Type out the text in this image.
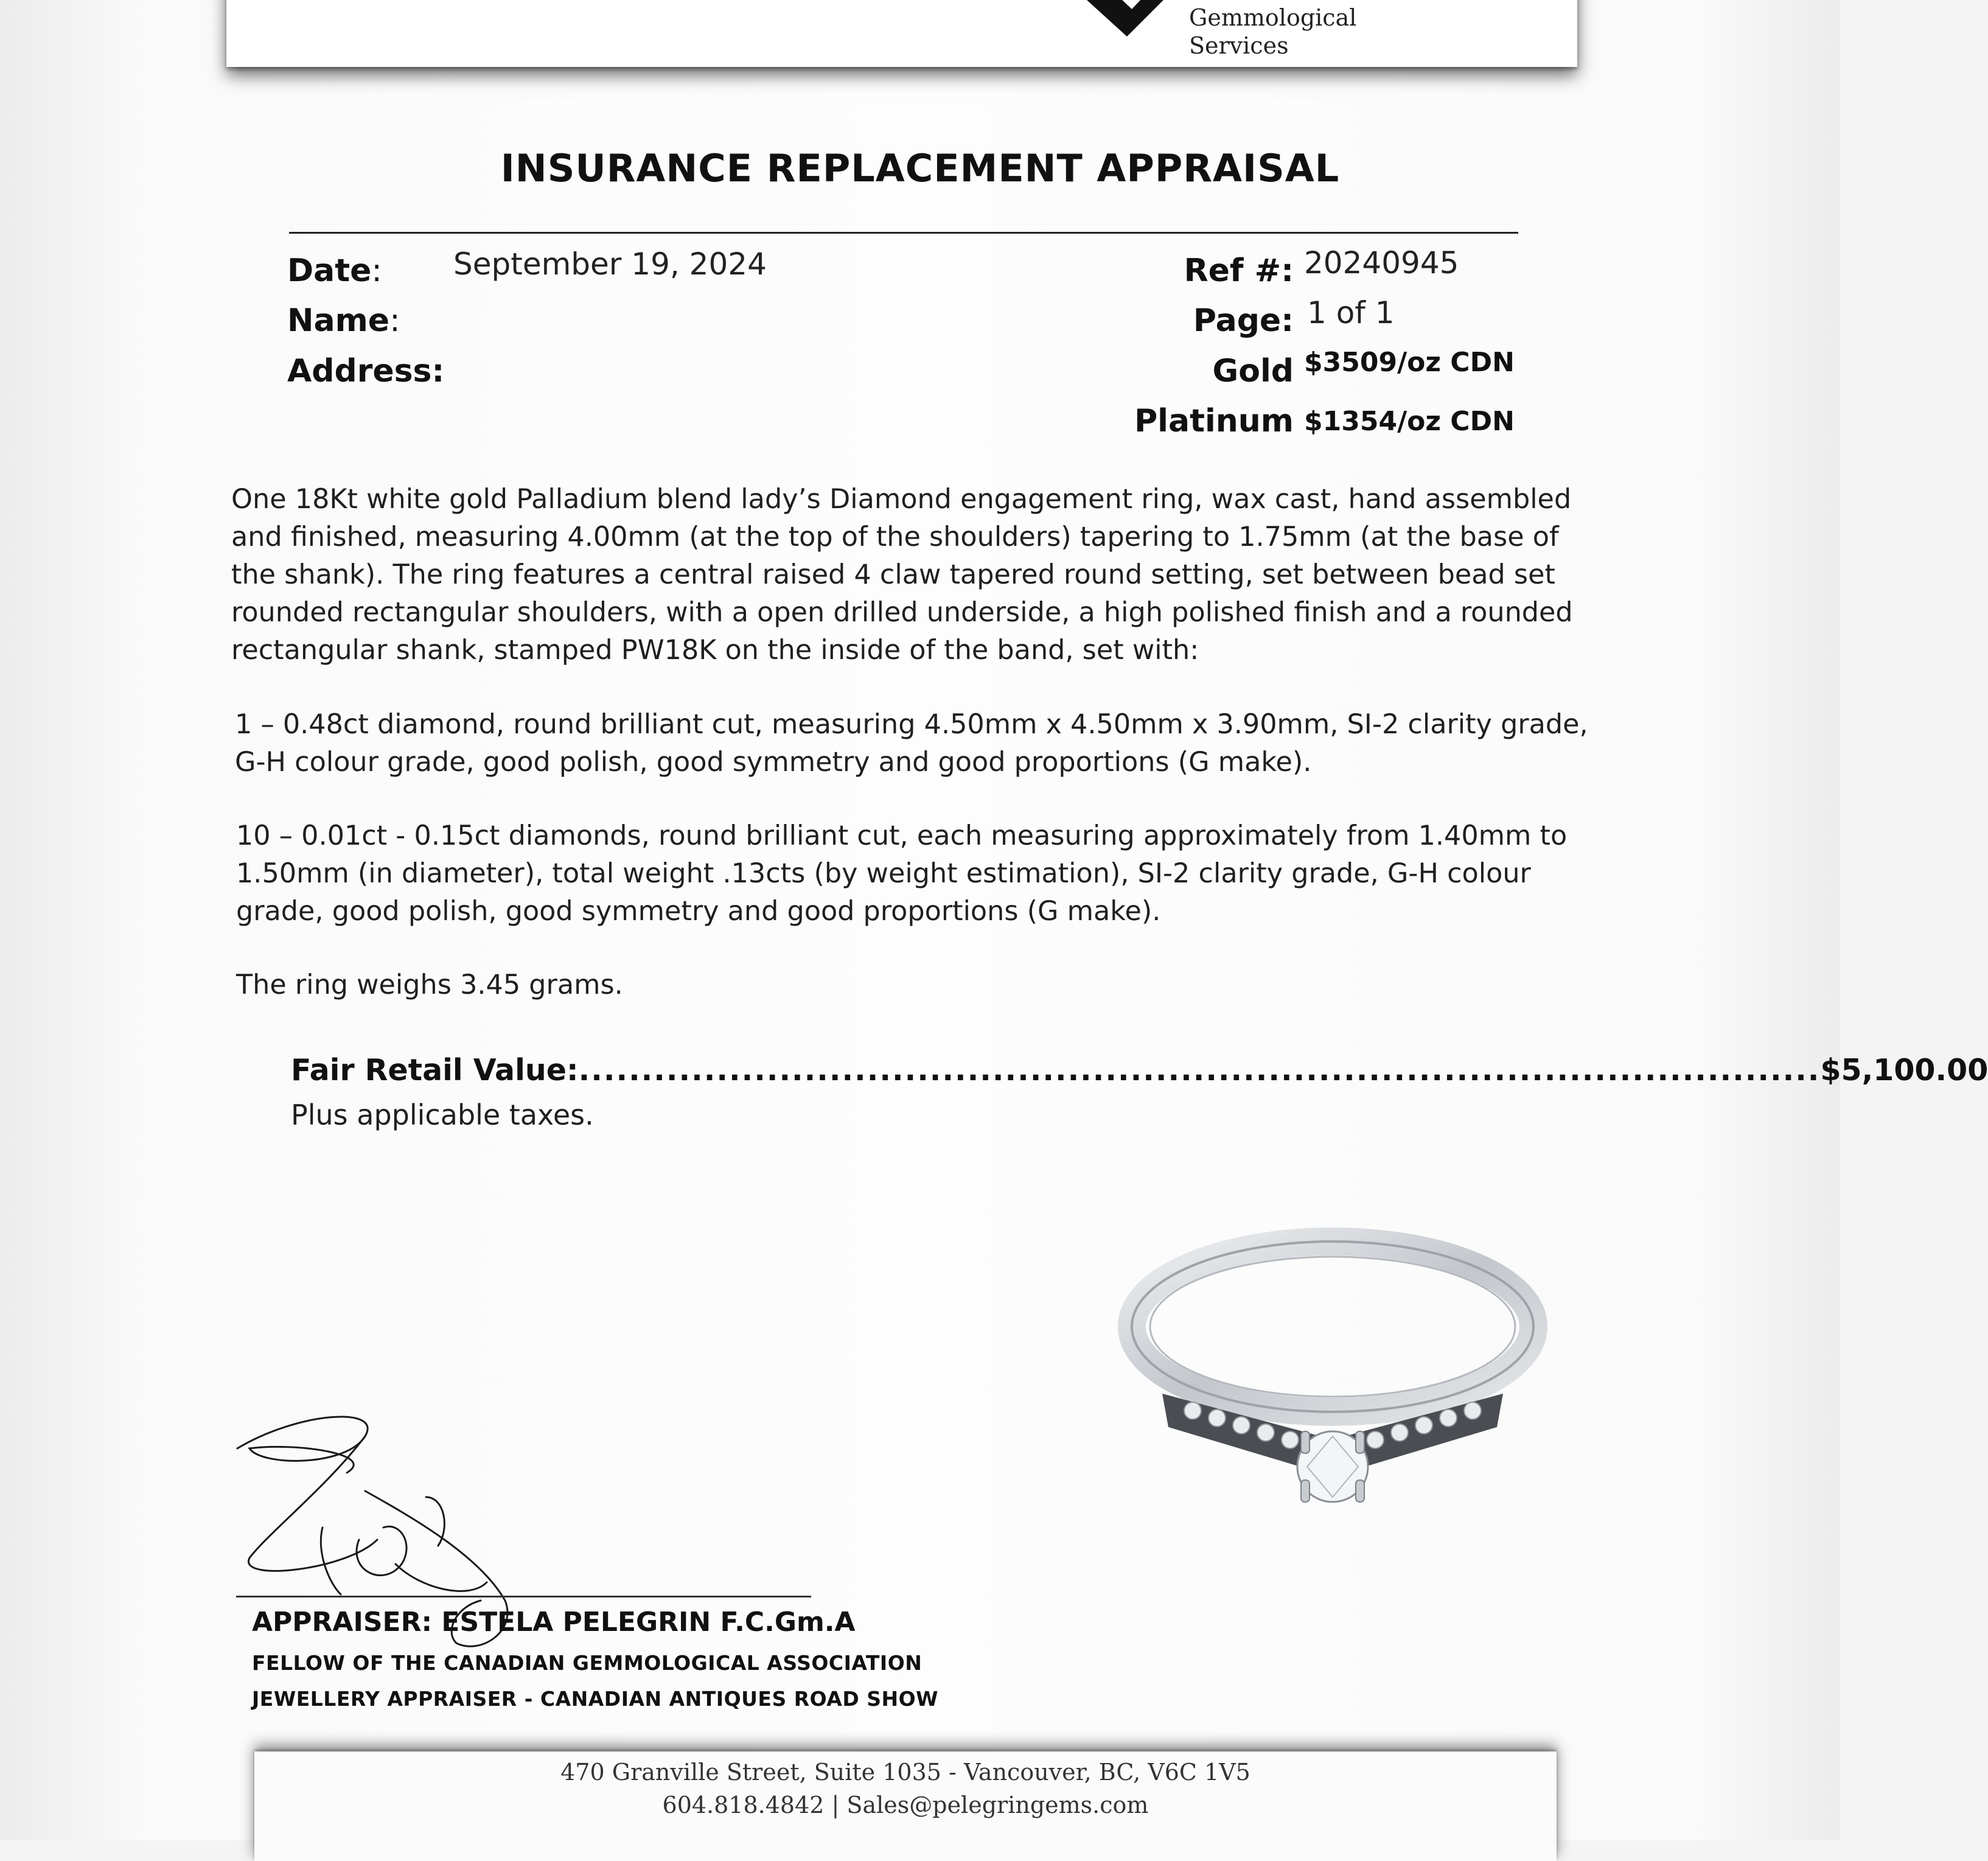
Gemmological
Services
INSURANCE REPLACEMENT APPRAISAL
Date: September 19, 2024
Name:
Address:
Ref #: 20240945
Page: 1 of 1
Gold $3509/oz CDN
Platinum $1354/oz CDN
One 18Kt white gold Palladium blend lady’s Diamond engagement ring, wax cast, hand assembled and finished, measuring 4.00mm (at the top of the shoulders) tapering to 1.75mm (at the base of the shank). The ring features a central raised 4 claw tapered round setting, set between bead set rounded rectangular shoulders, with a open drilled underside, a high polished finish and a rounded rectangular shank, stamped PW18K on the inside of the band, set with:
1 – 0.48ct diamond, round brilliant cut, measuring 4.50mm x 4.50mm x 3.90mm, SI-2 clarity grade, G-H colour grade, good polish, good symmetry and good proportions (G make).
10 – 0.01ct - 0.15ct diamonds, round brilliant cut, each measuring approximately from 1.40mm to 1.50mm (in diameter), total weight .13cts (by weight estimation), SI-2 clarity grade, G-H colour grade, good polish, good symmetry and good proportions (G make).
The ring weighs 3.45 grams.
Fair Retail Value: ................................................................................................... $5,100.00
Plus applicable taxes.
APPRAISER: ESTELA PELEGRIN F.C.Gm.A
FELLOW OF THE CANADIAN GEMMOLOGICAL ASSOCIATION
JEWELLERY APPRAISER - CANADIAN ANTIQUES ROAD SHOW
470 Granville Street, Suite 1035 - Vancouver, BC, V6C 1V5
604.818.4842 | Sales@pelegringems.com
